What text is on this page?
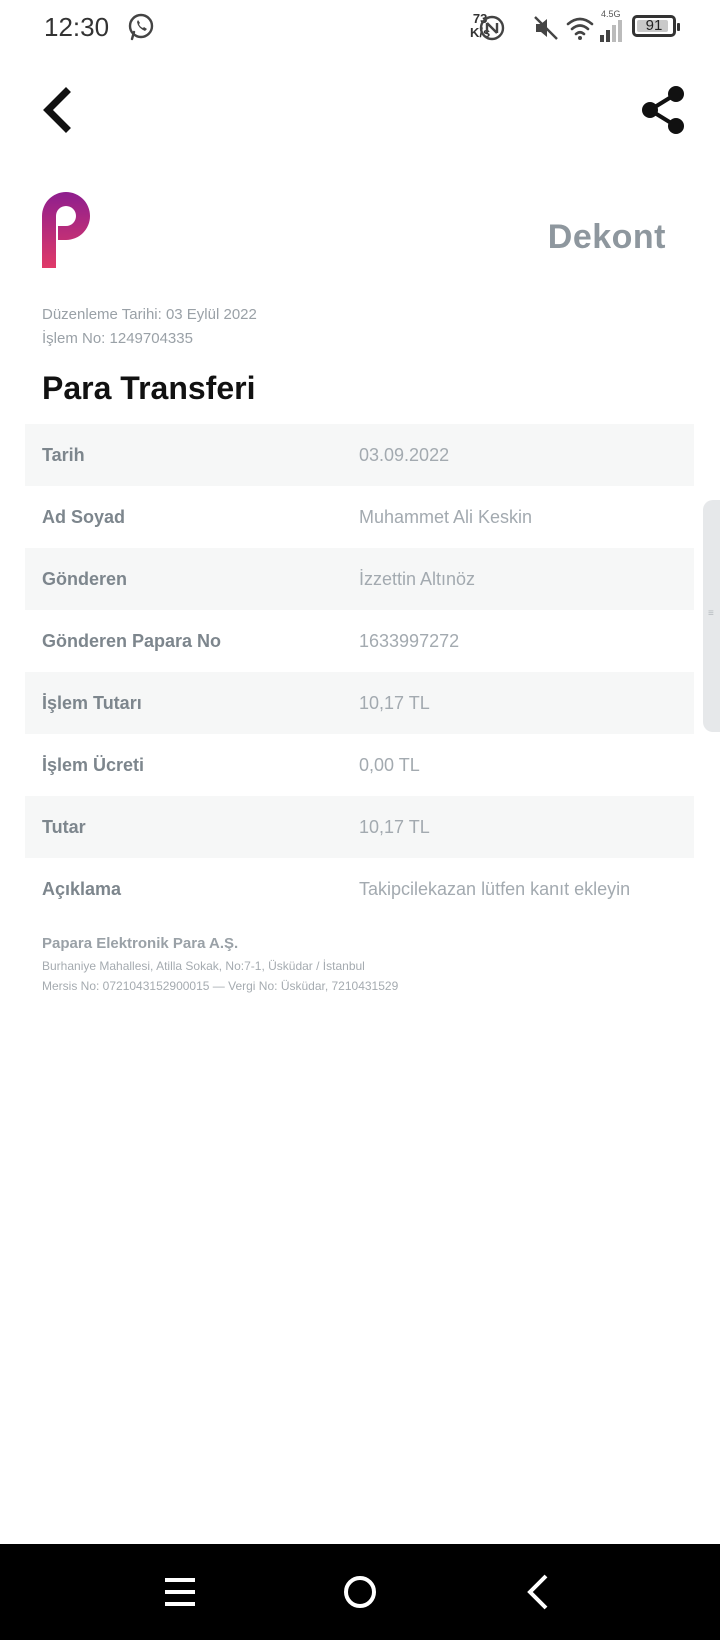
12:30	73
K/s
4.5G
91
Dekont
Düzenleme Tarihi: 03 Eylül 2022
İşlem No: 1249704335
Para Transferi
Tarih	03.09.2022
Ad Soyad	Muhammet Ali Keskin
Gönderen	İzzettin Altınöz
Gönderen Papara No	1633997272
İşlem Tutarı	10,17 TL
İşlem Ücreti	0,00 TL
Tutar	10,17 TL
Açıklama	Takipcilekazan lütfen kanıt ekleyin
Papara Elektronik Para A.Ş.
Burhaniye Mahallesi, Atilla Sokak, No:7-1, Üsküdar / İstanbul
Mersis No: 0721043152900015 — Vergi No: Üsküdar, 7210431529
≡
